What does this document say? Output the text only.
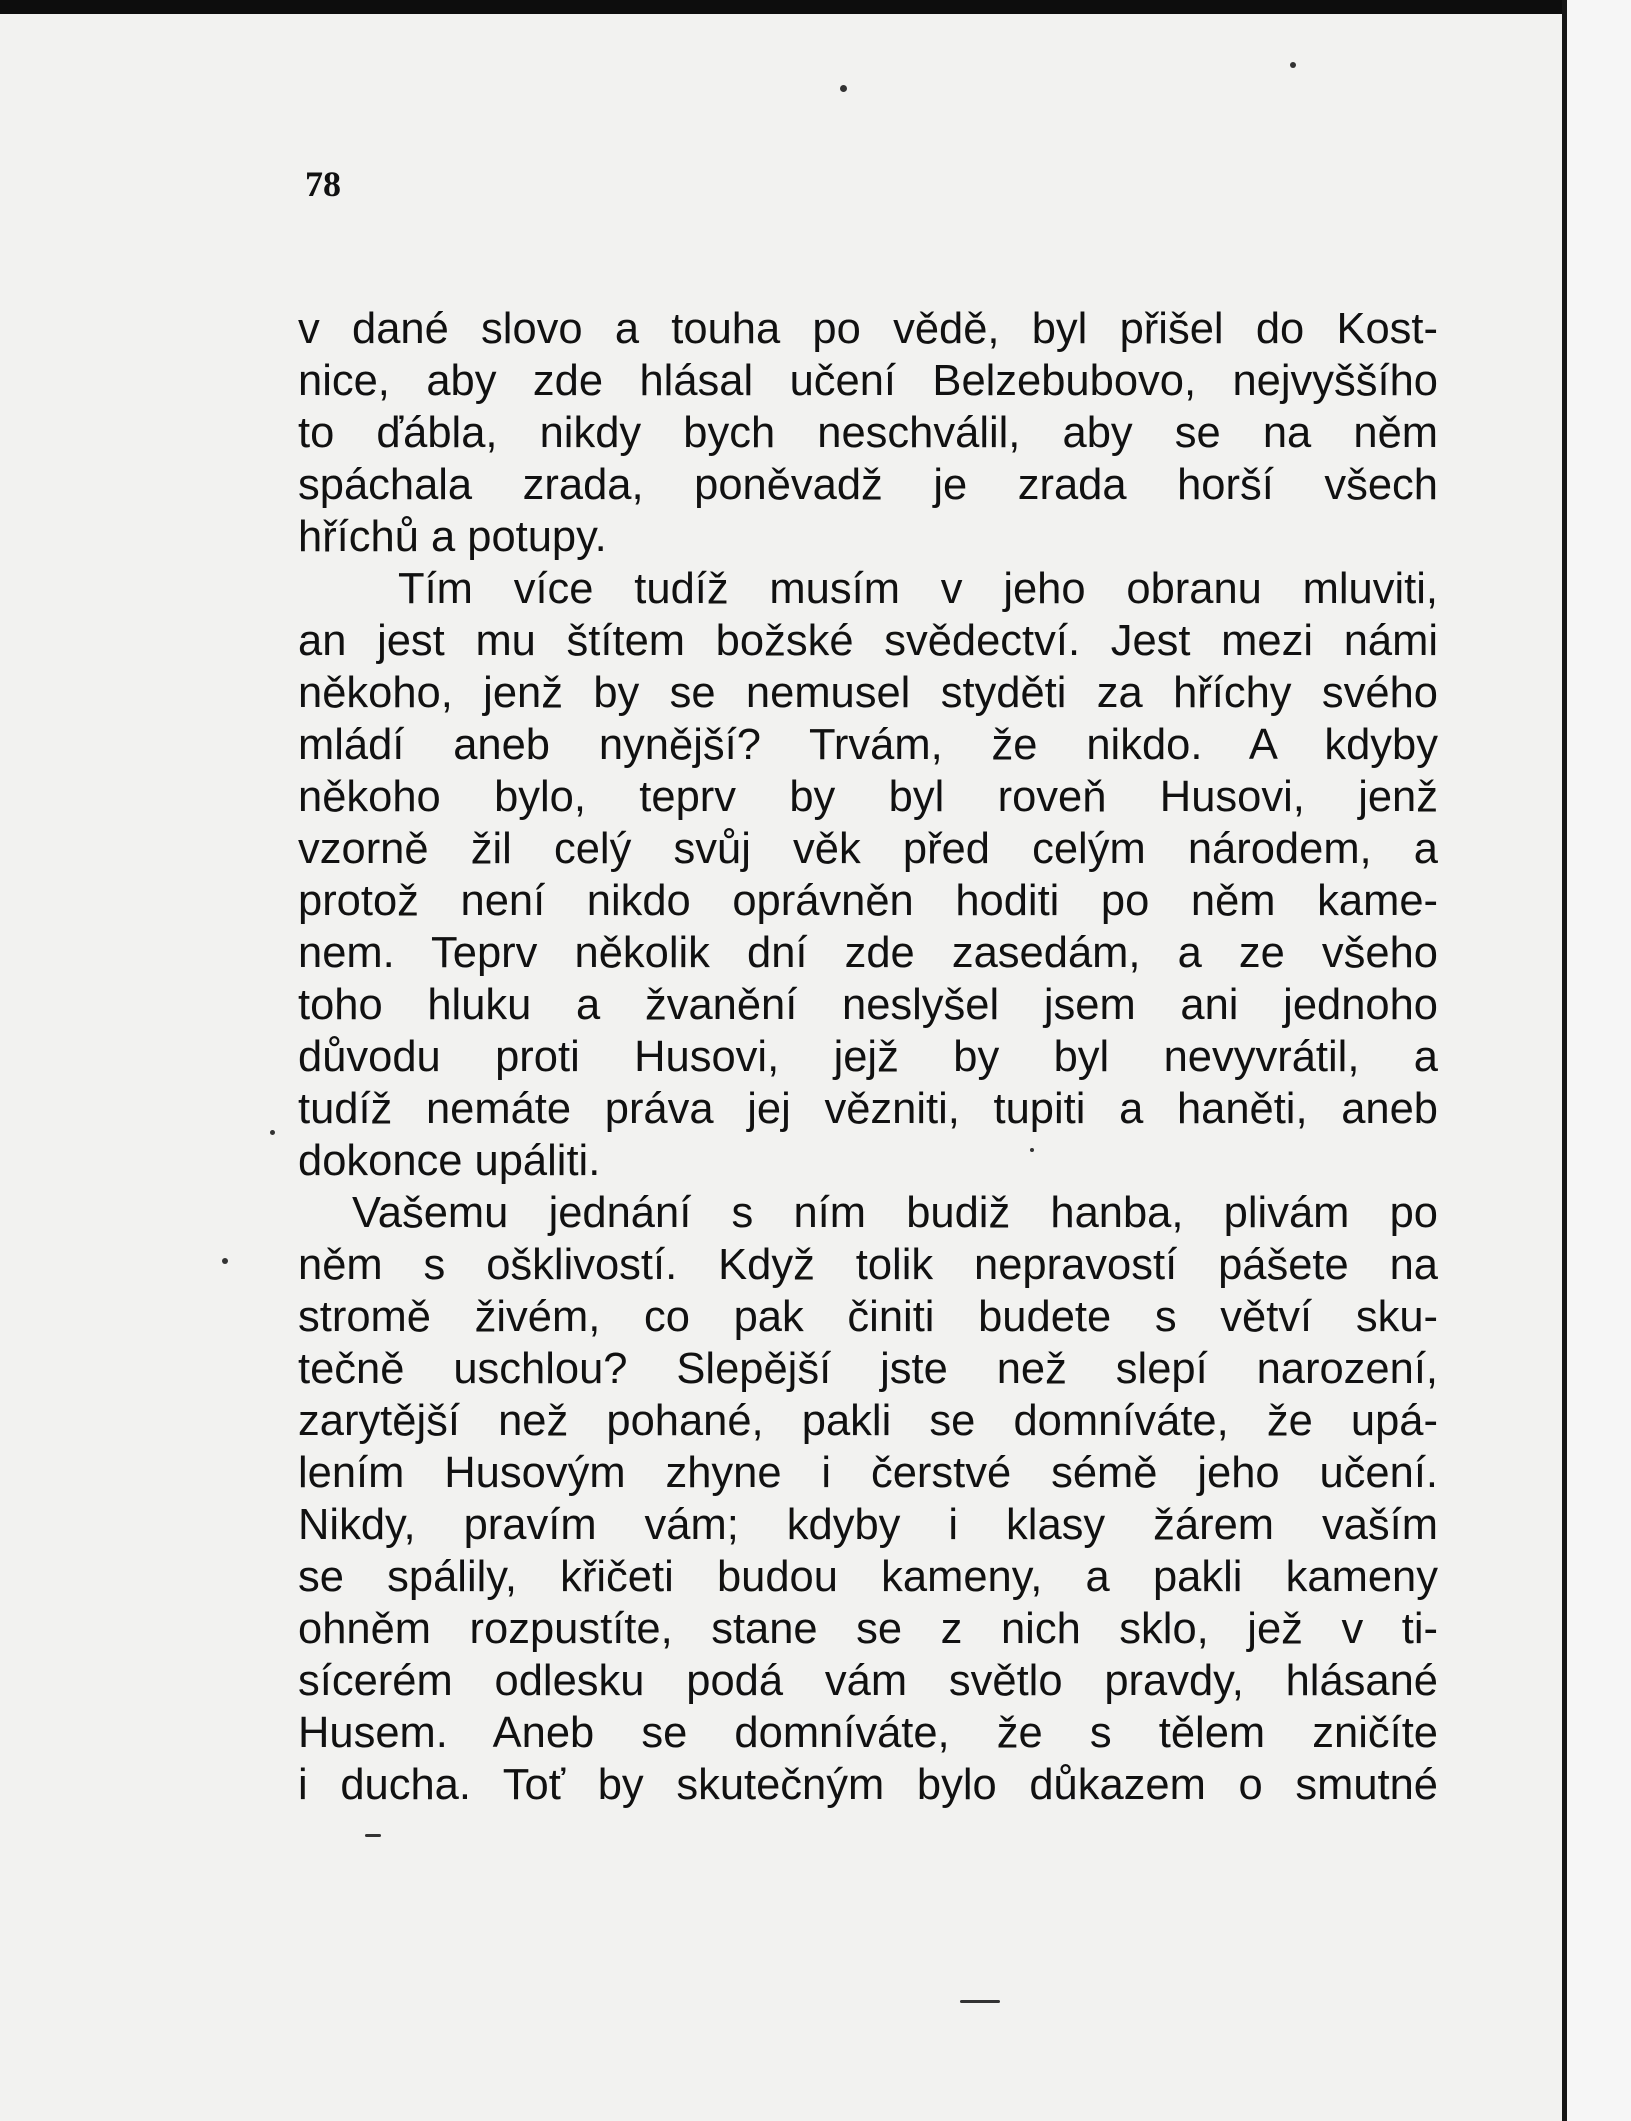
78
v dané slovo a touha po vědě, byl přišel do Kost-
nice, aby zde hlásal učení Belzebubovo, nejvyššího
to ďábla, nikdy bych neschválil, aby se na něm
spáchala zrada, poněvadž je zrada horší všech
hříchů a potupy.
Tím více tudíž musím v jeho obranu mluviti,
an jest mu štítem božské svědectví. Jest mezi námi
někoho, jenž by se nemusel styděti za hříchy svého
mládí aneb nynější? Trvám, že nikdo. A kdyby
někoho bylo, teprv by byl roveň Husovi, jenž
vzorně žil celý svůj věk před celým národem, a
protož není nikdo oprávněn hoditi po něm kame-
nem. Teprv několik dní zde zasedám, a ze všeho
toho hluku a žvanění neslyšel jsem ani jednoho
důvodu proti Husovi, jejž by byl nevyvrátil, a
tudíž nemáte práva jej vězniti, tupiti a haněti, aneb
dokonce upáliti.
Vašemu jednání s ním budiž hanba, plivám po
něm s ošklivostí. Když tolik nepravostí pášete na
stromě živém, co pak činiti budete s větví sku-
tečně uschlou? Slepější jste než slepí narození,
zarytější než pohané, pakli se domníváte, že upá-
lením Husovým zhyne i čerstvé sémě jeho učení.
Nikdy, pravím vám; kdyby i klasy žárem vaším
se spálily, křičeti budou kameny, a pakli kameny
ohněm rozpustíte, stane se z nich sklo, jež v ti-
sícerém odlesku podá vám světlo pravdy, hlásané
Husem. Aneb se domníváte, že s tělem zničíte
i ducha. Toť by skutečným bylo důkazem o smutné
